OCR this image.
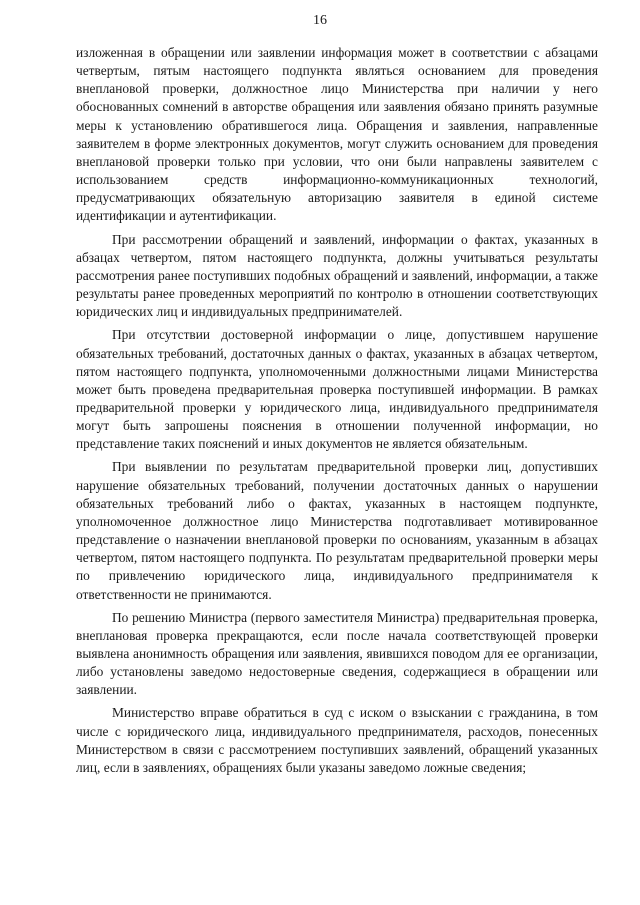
16

изложенная в обращении или заявлении информация может в соответствии с абзацами четвертым, пятым настоящего подпункта являться основанием для проведения внеплановой проверки, должностное лицо Министерства при наличии у него обоснованных сомнений в авторстве обращения или заявления обязано принять разумные меры к установлению обратившегося лица. Обращения и заявления, направленные заявителем в форме электронных документов, могут служить основанием для проведения внеплановой проверки только при условии, что они были направлены заявителем с использованием средств информационно-коммуникационных технологий, предусматривающих обязательную авторизацию заявителя в единой системе идентификации и аутентификации.

При рассмотрении обращений и заявлений, информации о фактах, указанных в абзацах четвертом, пятом настоящего подпункта, должны учитываться результаты рассмотрения ранее поступивших подобных обращений и заявлений, информации, а также результаты ранее проведенных мероприятий по контролю в отношении соответствующих юридических лиц и индивидуальных предпринимателей.

При отсутствии достоверной информации о лице, допустившем нарушение обязательных требований, достаточных данных о фактах, указанных в абзацах четвертом, пятом настоящего подпункта, уполномоченными должностными лицами Министерства может быть проведена предварительная проверка поступившей информации. В рамках предварительной проверки у юридического лица, индивидуального предпринимателя могут быть запрошены пояснения в отношении полученной информации, но представление таких пояснений и иных документов не является обязательным.

При выявлении по результатам предварительной проверки лиц, допустивших нарушение обязательных требований, получении достаточных данных о нарушении обязательных требований либо о фактах, указанных в настоящем подпункте, уполномоченное должностное лицо Министерства подготавливает мотивированное представление о назначении внеплановой проверки по основаниям, указанным в абзацах четвертом, пятом настоящего подпункта. По результатам предварительной проверки меры по привлечению юридического лица, индивидуального предпринимателя к ответственности не принимаются.

По решению Министра (первого заместителя Министра) предварительная проверка, внеплановая проверка прекращаются, если после начала соответствующей проверки выявлена анонимность обращения или заявления, явившихся поводом для ее организации, либо установлены заведомо недостоверные сведения, содержащиеся в обращении или заявлении.

Министерство вправе обратиться в суд с иском о взыскании с гражданина, в том числе с юридического лица, индивидуального предпринимателя, расходов, понесенных Министерством в связи с рассмотрением поступивших заявлений, обращений указанных лиц, если в заявлениях, обращениях были указаны заведомо ложные сведения;
